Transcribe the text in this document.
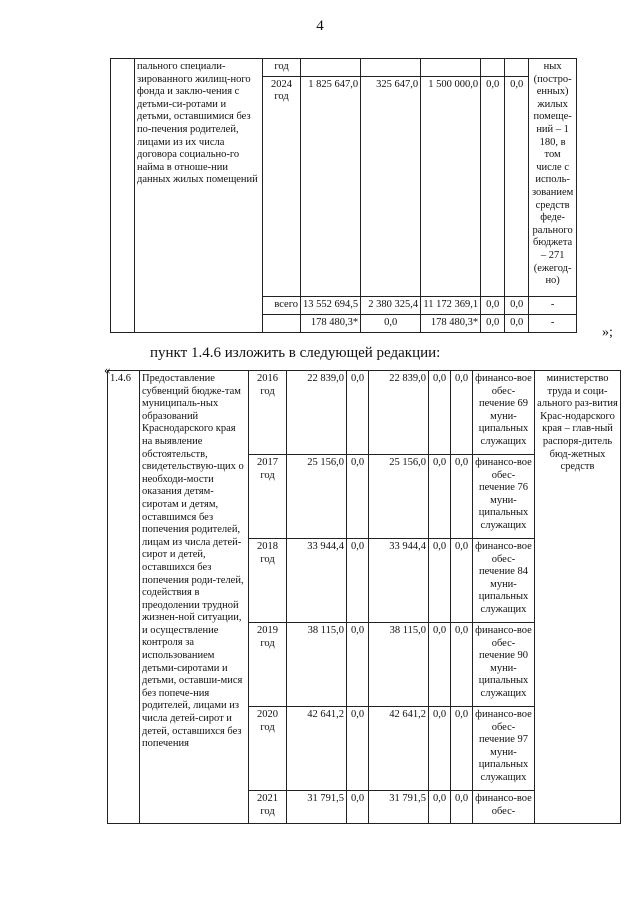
4
	пального специали-зированного жилищ-ного фонда и заклю-чения с детьми-си-ротами и детьми, оставшимися без по-печения родителей, лицами из их числа договора социально-го найма в отноше-нии данных жилых помещений	год						ных (постро-енных) жилых помеще-ний – 1 180, в том числе с исполь-зованием средств феде-рального бюджета – 271 (ежегод-но)
		2024 год	1 825 647,0	325 647,0	1 500 000,0	0,0	0,0	
		всего	13 552 694,5	2 380 325,4	11 172 369,1	0,0	0,0	-
			178 480,3*	0,0	178 480,3*	0,0	0,0	-
»;
пункт 1.4.6 изложить в следующей редакции:
«
1.4.6	Предоставление субвенций бюдже-там муниципаль-ных образований Краснодарского края на выявление обстоятельств, свидетельствую-щих о необходи-мости оказания детям-сиротам и детям, оставшимся без попечения родителей, лицам из числа детей-сирот и детей, оставшихся без попечения роди-телей, содействия в преодолении трудной жизнен-ной ситуации, и осуществление контроля за использованием детьми-сиротами и детьми, оставши-мися без попече-ния родителей, лицами из числа детей-сирот и детей, оставшихся без попечения	2016 год	22 839,0	0,0	22 839,0	0,0	0,0	финансо-вое обес-печение 69 муни-ципальных служащих	министерство труда и соци-ального раз-вития Крас-нодарского края – глав-ный распоря-дитель бюд-жетных средств
		2017 год	25 156,0	0,0	25 156,0	0,0	0,0	финансо-вое обес-печение 76 муни-ципальных служащих	
		2018 год	33 944,4	0,0	33 944,4	0,0	0,0	финансо-вое обес-печение 84 муни-ципальных служащих	
		2019 год	38 115,0	0,0	38 115,0	0,0	0,0	финансо-вое обес-печение 90 муни-ципальных служащих	
		2020 год	42 641,2	0,0	42 641,2	0,0	0,0	финансо-вое обес-печение 97 муни-ципальных служащих	
		2021 год	31 791,5	0,0	31 791,5	0,0	0,0	финансо-вое обес-	
